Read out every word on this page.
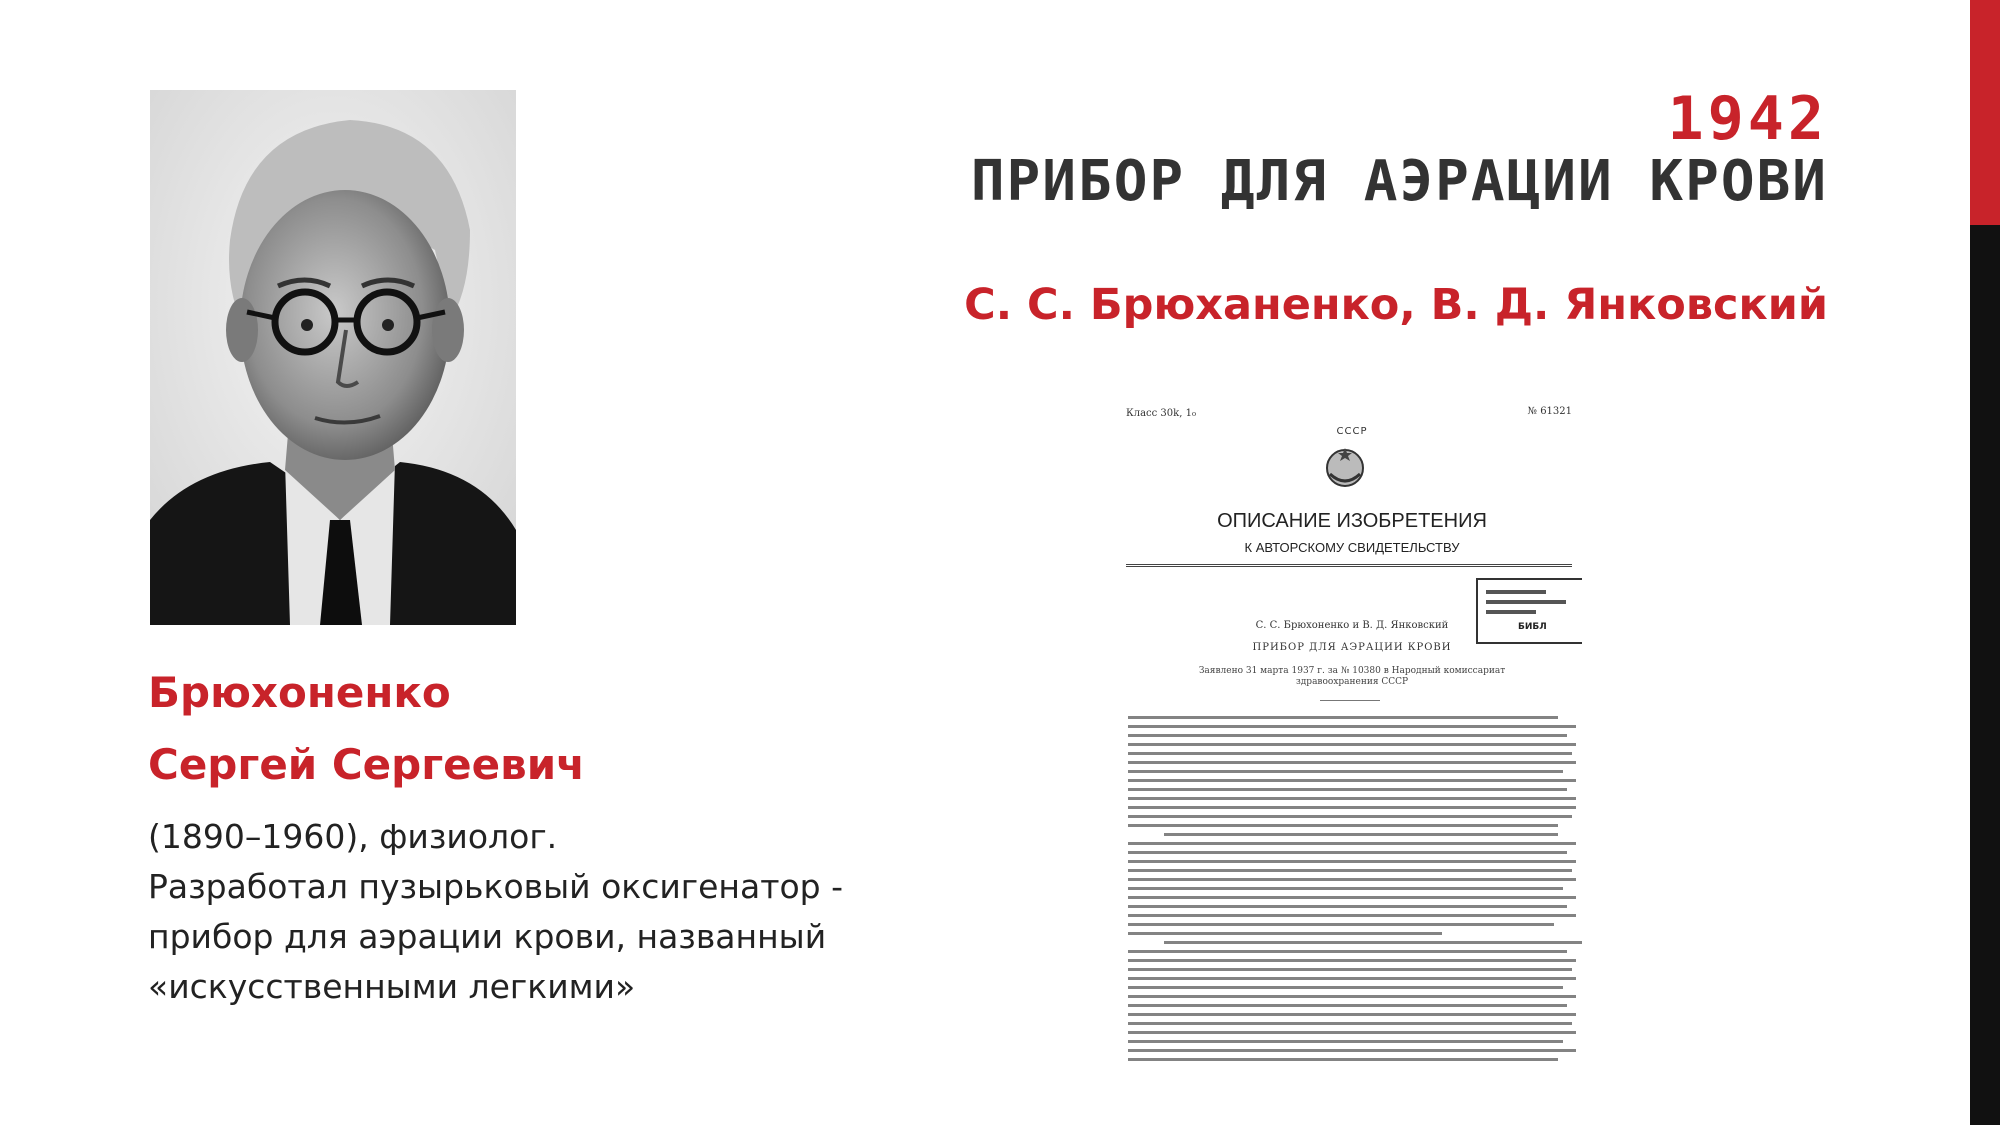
1942
ПРИБОР ДЛЯ АЭРАЦИИ КРОВИ
С. С. Брюханенко, В. Д. Янковский
Брюхоненко
Сергей Сергеевич
(1890–1960), физиолог.
Разработал пузырьковый оксигенатор -
прибор для аэрации крови, названный
«искусственными легкими»
Класс 30k, 1₀	№ 61321
СССР
ОПИСАНИЕ ИЗОБРЕТЕНИЯ
К АВТОРСКОМУ СВИДЕТЕЛЬСТВУ
БИБЛ
С. С. Брюхоненко и В. Д. Янковский
ПРИБОР ДЛЯ АЭРАЦИИ КРОВИ
Заявлено 31 марта 1937 г. за № 10380 в Народный комиссариат здравоохранения СССР
